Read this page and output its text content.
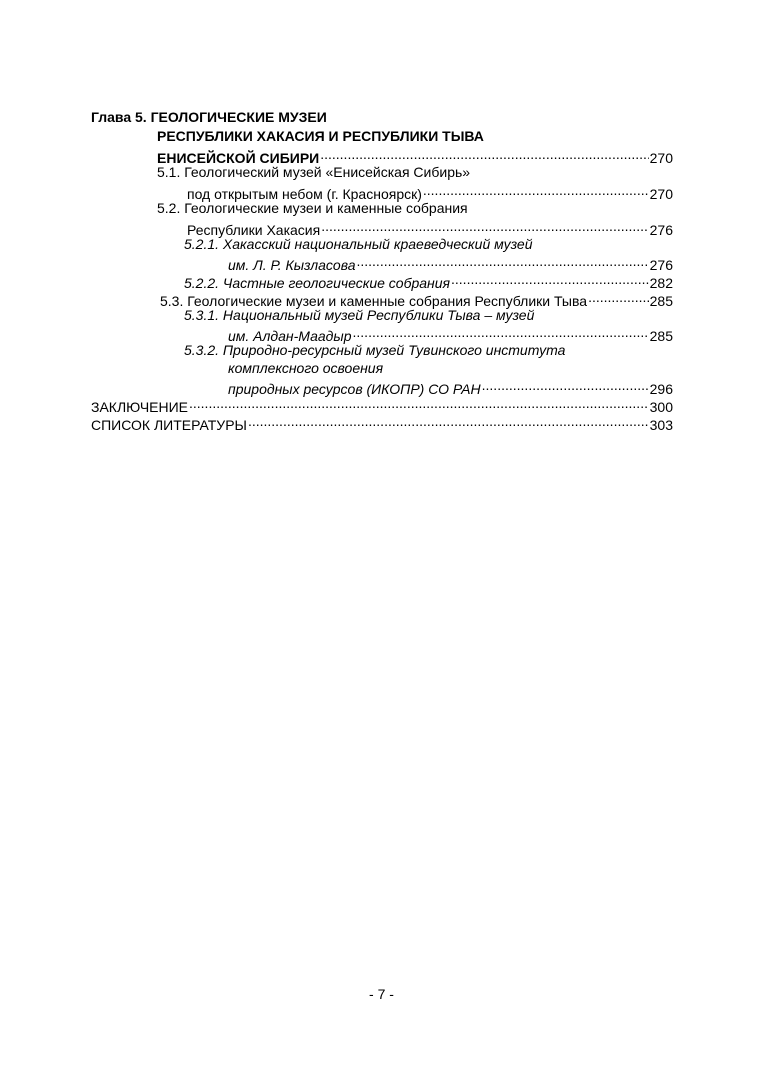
Глава 5. ГЕОЛОГИЧЕСКИЕ МУЗЕИ
РЕСПУБЛИКИ ХАКАСИЯ И РЕСПУБЛИКИ ТЫВА
ЕНИСЕЙСКОЙ СИБИРИ .....	270
5.1. Геологический музей «Енисейская Сибирь»
под открытым небом (г. Красноярск) .....	270
5.2. Геологические музеи и каменные собрания
Республики Хакасия .....	276
5.2.1. Хакасский национальный краеведческий музей
им. Л. Р. Кызласова .....	276
5.2.2. Частные геологические собрания .....	282
5.3. Геологические музеи и каменные собрания Республики Тыва .....	285
5.3.1. Национальный музей Республики Тыва – музей
им. Алдан-Маадыр .....	285
5.3.2. Природно-ресурсный музей Тувинского института
комплексного освоения
природных ресурсов (ИКОПР) СО РАН .....	296
ЗАКЛЮЧЕНИЕ .....	300
СПИСОК ЛИТЕРАТУРЫ .....	303
- 7 -
